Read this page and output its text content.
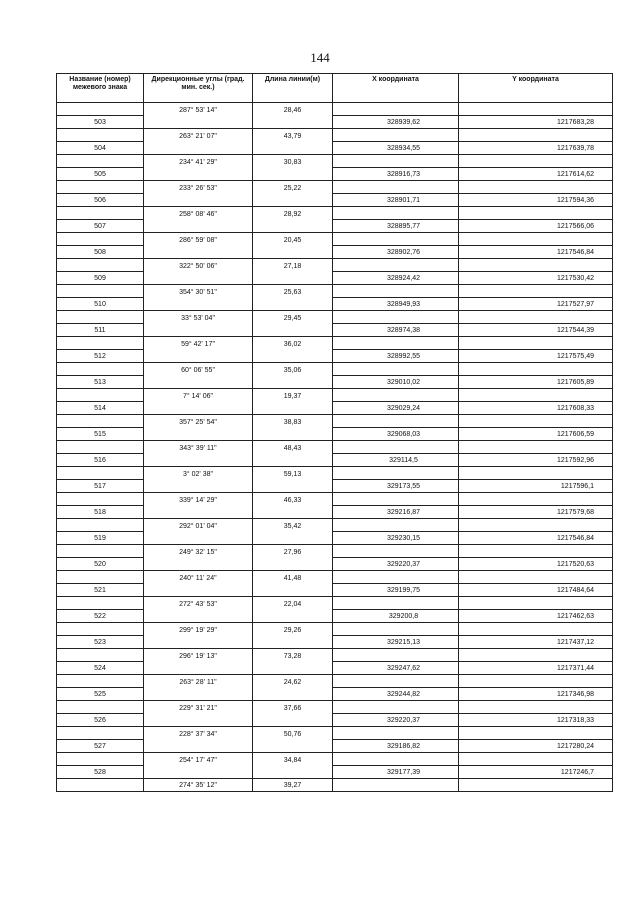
144
Название (номер) межевого знака	Дирекционные углы (град. мин. сек.)	Длина линии(м)	X координата	Y координата
	287° 53' 14"	28,46		
503			328939,62	1217683,28
	263° 21' 07"	43,79		
504			328934,55	1217639,78
	234° 41' 29"	30,83		
505			328916,73	1217614,62
	233° 26' 53"	25,22		
506			328901,71	1217594,36
	258° 08' 46"	28,92		
507			328895,77	1217566,06
	286° 59' 08"	20,45		
508			328902,76	1217546,84
	322° 50' 06"	27,18		
509			328924,42	1217530,42
	354° 30' 51"	25,63		
510			328949,93	1217527,97
	33° 53' 04"	29,45		
511			328974,38	1217544,39
	59° 42' 17"	36,02		
512			328992,55	1217575,49
	60° 06' 55"	35,06		
513			329010,02	1217605,89
	7° 14' 06"	19,37		
514			329029,24	1217608,33
	357° 25' 54"	38,83		
515			329068,03	1217606,59
	343° 39' 11"	48,43		
516			329114,5	1217592,96
	3° 02' 38"	59,13		
517			329173,55	1217596,1
	339° 14' 29"	46,33		
518			329216,87	1217579,68
	292° 01' 04"	35,42		
519			329230,15	1217546,84
	249° 32' 15"	27,96		
520			329220,37	1217520,63
	240° 11' 24"	41,48		
521			329199,75	1217484,64
	272° 43' 53"	22,04		
522			329200,8	1217462,63
	299° 19' 29"	29,26		
523			329215,13	1217437,12
	296° 19' 13"	73,28		
524			329247,62	1217371,44
	263° 28' 11"	24,62		
525			329244,82	1217346,98
	229° 31' 21"	37,66		
526			329220,37	1217318,33
	228° 37' 34"	50,76		
527			329186,82	1217280,24
	254° 17' 47"	34,84		
528			329177,39	1217246,7
	274° 35' 12"	39,27		
